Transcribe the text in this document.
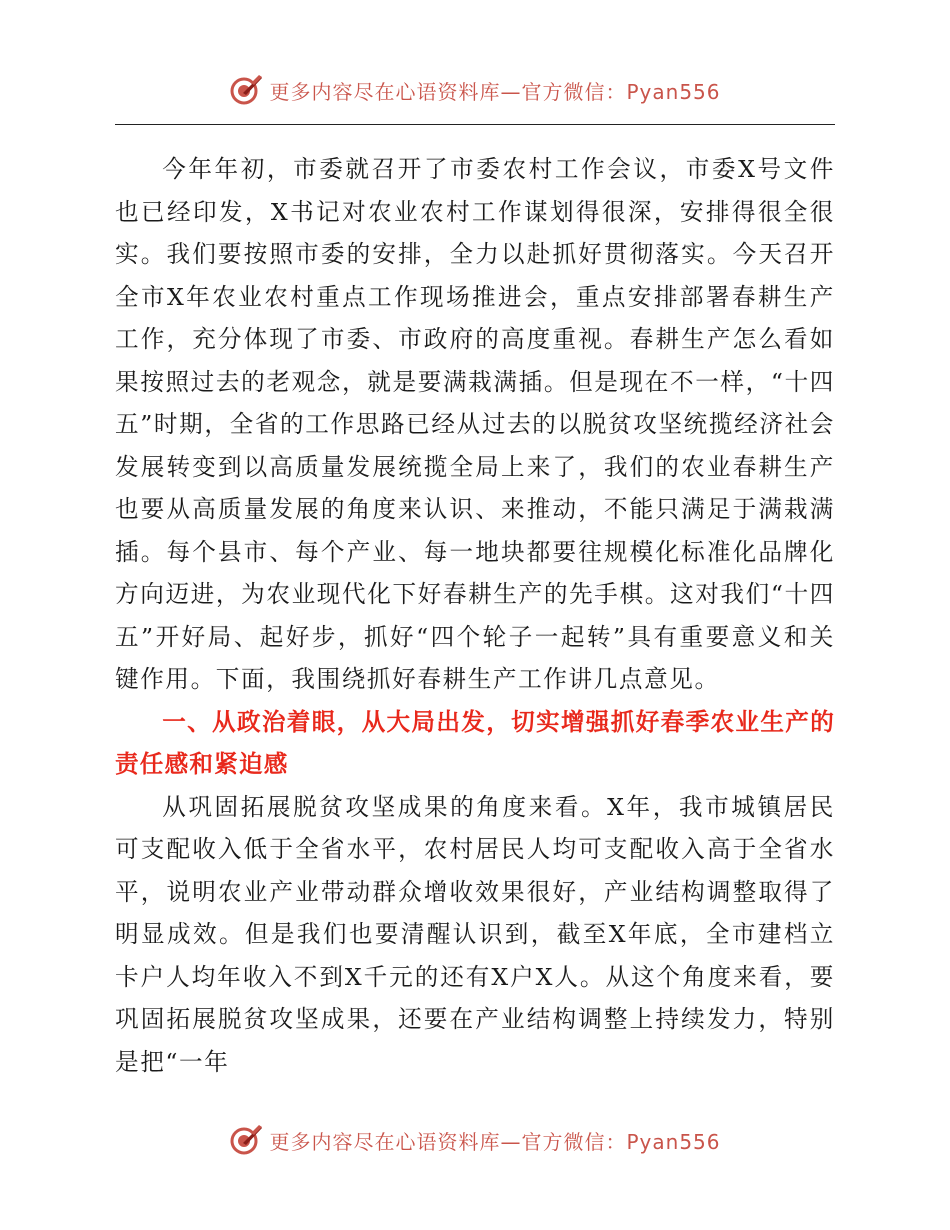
更多内容尽在心语资料库—官方微信：Pyan556

今年年初，市委就召开了市委农村工作会议，市委X号文件也已经印发，X书记对农业农村工作谋划得很深，安排得很全很实。我们要按照市委的安排，全力以赴抓好贯彻落实。今天召开全市X年农业农村重点工作现场推进会，重点安排部署春耕生产工作，充分体现了市委、市政府的高度重视。春耕生产怎么看如果按照过去的老观念，就是要满栽满插。但是现在不一样，“十四五”时期，全省的工作思路已经从过去的以脱贫攻坚统揽经济社会发展转变到以高质量发展统揽全局上来了，我们的农业春耕生产也要从高质量发展的角度来认识、来推动，不能只满足于满栽满插。每个县市、每个产业、每一地块都要往规模化标准化品牌化方向迈进，为农业现代化下好春耕生产的先手棋。这对我们“十四五”开好局、起好步，抓好“四个轮子一起转”具有重要意义和关键作用。下面，我围绕抓好春耕生产工作讲几点意见。

一、从政治着眼，从大局出发，切实增强抓好春季农业生产的责任感和紧迫感

从巩固拓展脱贫攻坚成果的角度来看。X年，我市城镇居民可支配收入低于全省水平，农村居民人均可支配收入高于全省水平，说明农业产业带动群众增收效果很好，产业结构调整取得了明显成效。但是我们也要清醒认识到，截至X年底，全市建档立卡户人均年收入不到X千元的还有X户X人。从这个角度来看，要巩固拓展脱贫攻坚成果，还要在产业结构调整上持续发力，特别是把“一年

更多内容尽在心语资料库—官方微信：Pyan556
